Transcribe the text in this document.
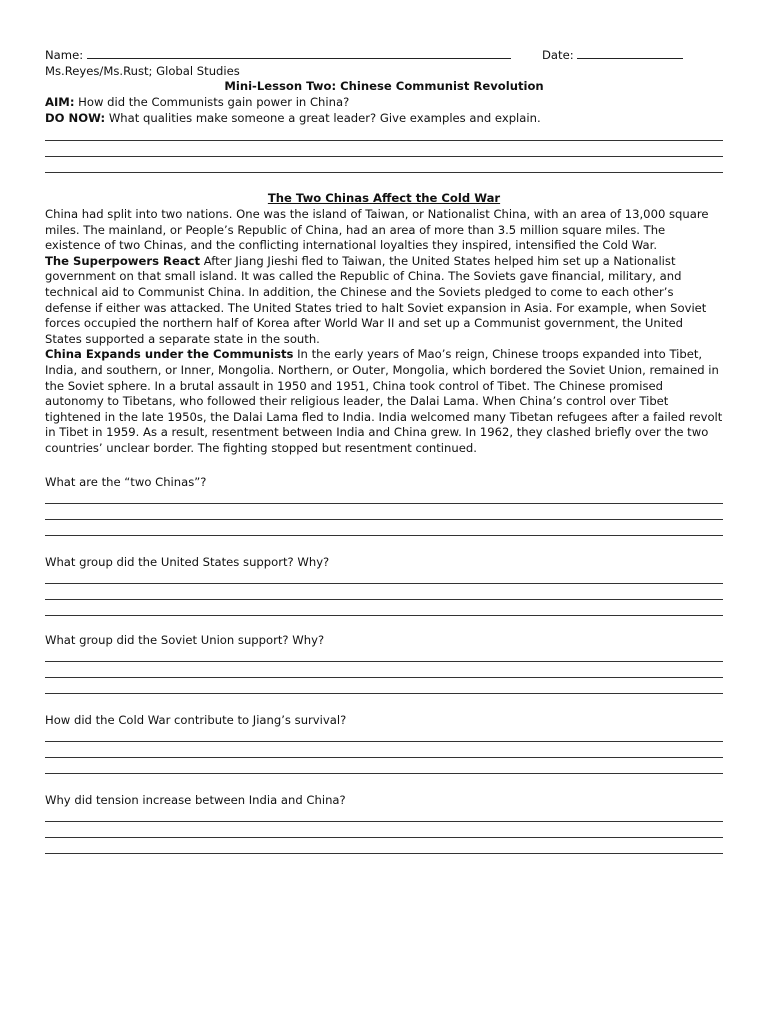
Name:	Date:
Ms.Reyes/Ms.Rust; Global Studies
Mini-Lesson Two: Chinese Communist Revolution
AIM: How did the Communists gain power in China?
DO NOW: What qualities make someone a great leader? Give examples and explain.
The Two Chinas Affect the Cold War
China had split into two nations. One was the island of Taiwan, or Nationalist China, with an area of 13,000 square miles. The mainland, or People’s Republic of China, had an area of more than 3.5 million square miles. The existence of two Chinas, and the conflicting international loyalties they inspired, intensified the Cold War.
The Superpowers React After Jiang Jieshi fled to Taiwan, the United States helped him set up a Nationalist government on that small island. It was called the Republic of China. The Soviets gave financial, military, and technical aid to Communist China. In addition, the Chinese and the Soviets pledged to come to each other’s defense if either was attacked. The United States tried to halt Soviet expansion in Asia. For example, when Soviet forces occupied the northern half of Korea after World War II and set up a Communist government, the United States supported a separate state in the south.
China Expands under the Communists In the early years of Mao’s reign, Chinese troops expanded into Tibet, India, and southern, or Inner, Mongolia. Northern, or Outer, Mongolia, which bordered the Soviet Union, remained in the Soviet sphere. In a brutal assault in 1950 and 1951, China took control of Tibet. The Chinese promised autonomy to Tibetans, who followed their religious leader, the Dalai Lama. When China’s control over Tibet tightened in the late 1950s, the Dalai Lama fled to India. India welcomed many Tibetan refugees after a failed revolt in Tibet in 1959. As a result, resentment between India and China grew. In 1962, they clashed briefly over the two countries’ unclear border. The fighting stopped but resentment continued.
What are the “two Chinas”?
What group did the United States support? Why?
What group did the Soviet Union support? Why?
How did the Cold War contribute to Jiang’s survival?
Why did tension increase between India and China?
